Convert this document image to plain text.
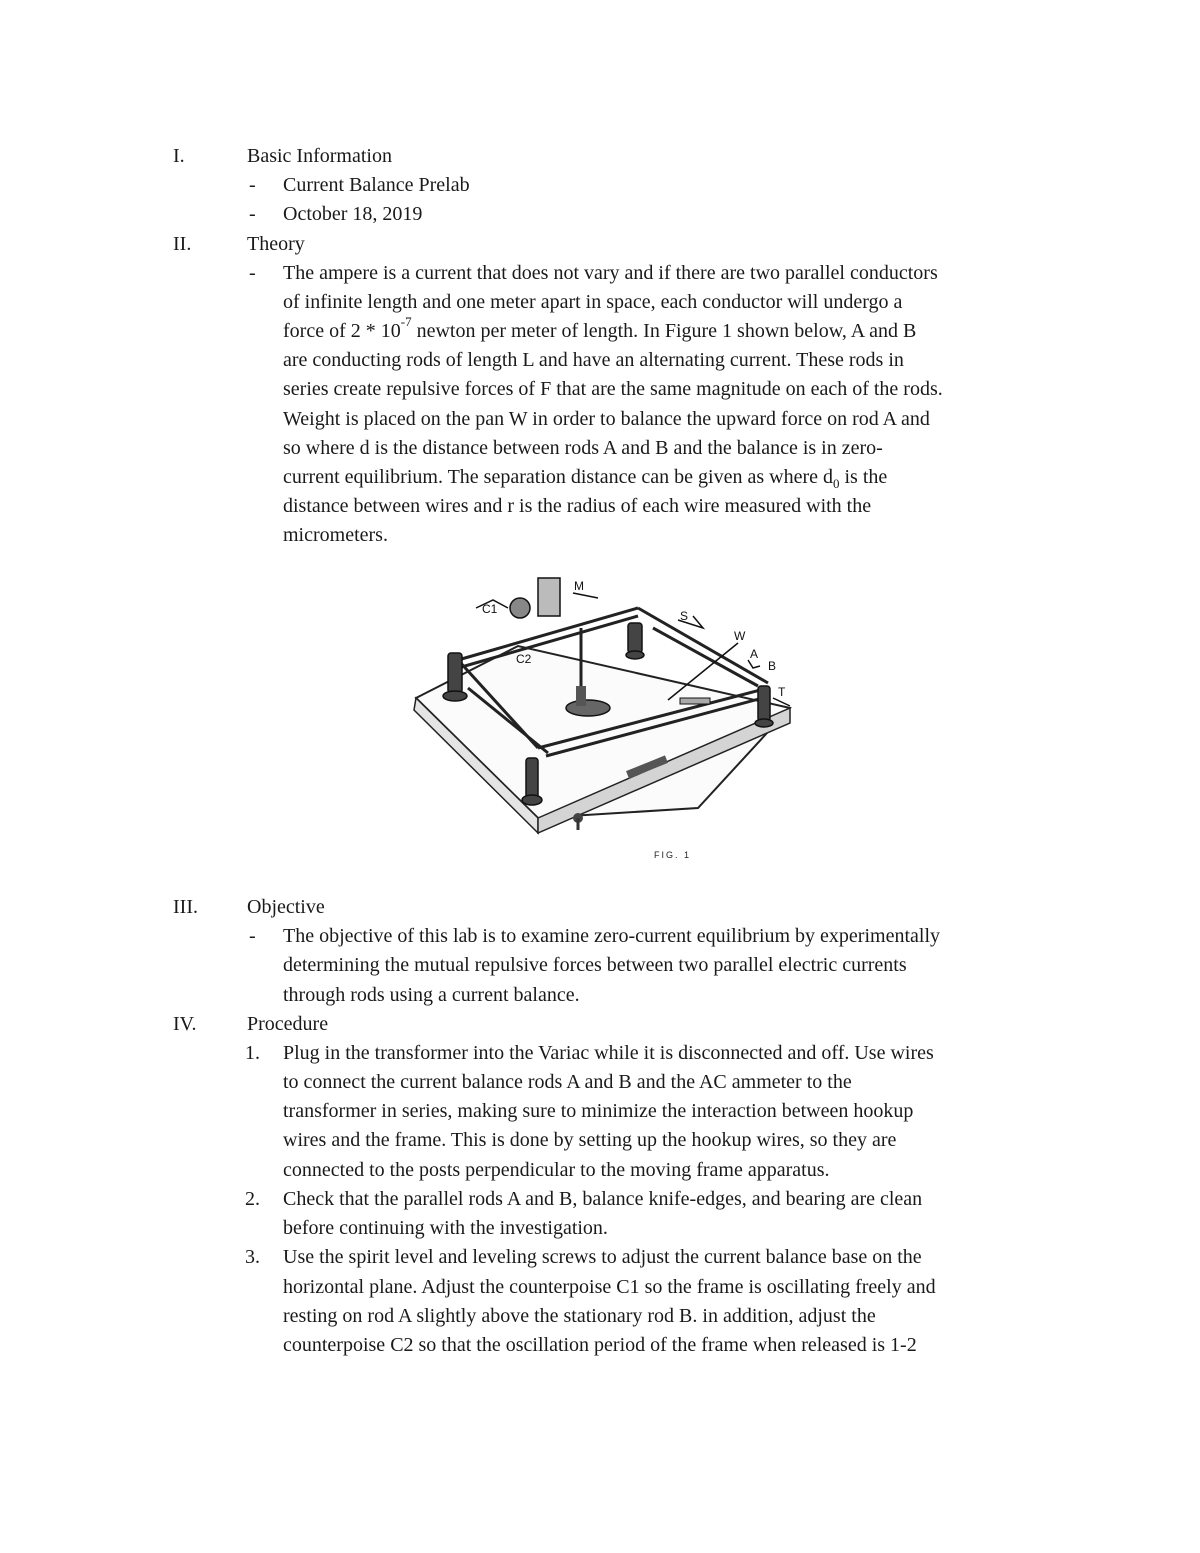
I.	Basic Information
- Current Balance Prelab
- October 18, 2019
II.	Theory
- The ampere is a current that does not vary and if there are two parallel conductors
of infinite length and one meter apart in space, each conductor will undergo a
force of $2 * 10^{-7}$ newton per meter of length. In Figure 1 shown below, A and B
are conducting rods of length L and have an alternating current. These rods in
series create repulsive forces of F that are the same magnitude on each of the rods.
Weight is placed on the pan W in order to balance the upward force on rod A and
so where d is the distance between rods A and B and the balance is in zero-
current equilibrium. The separation distance can be given as where $d_0$ is the
distance between wires and r is the radius of each wire measured with the
micrometers.
C1
M
S
W
A
B
T
C2
FIG. 1
III. Objective
- The objective of this lab is to examine zero-current equilibrium by experimentally
determining the mutual repulsive forces between two parallel electric currents
through rods using a current balance.
IV.	Procedure
1. Plug in the transformer into the Variac while it is disconnected and off. Use wires
to connect the current balance rods A and B and the AC ammeter to the
transformer in series, making sure to minimize the interaction between hookup
wires and the frame. This is done by setting up the hookup wires, so they are
connected to the posts perpendicular to the moving frame apparatus.
2. Check that the parallel rods A and B, balance knife-edges, and bearing are clean
before continuing with the investigation.
3. Use the spirit level and leveling screws to adjust the current balance base on the
horizontal plane. Adjust the counterpoise C1 so the frame is oscillating freely and
resting on rod A slightly above the stationary rod B. in addition, adjust the
counterpoise C2 so that the oscillation period of the frame when released is 1-2
